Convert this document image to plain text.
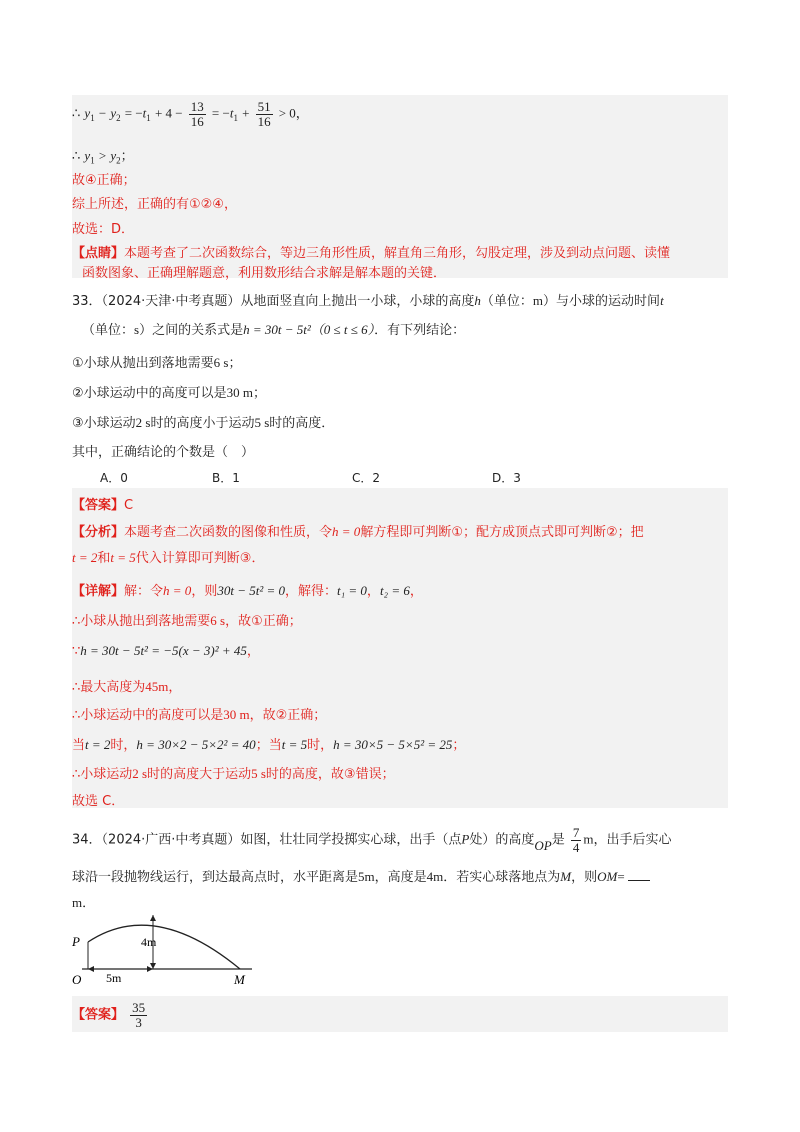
∴ $y_1 - y_2 = -t_1 + 4 - \frac{13}{16} = -t_1 + \frac{51}{16} > 0$，
∴ $y_1 > y_2$；
故④正确；
综上所述，正确的有①②④，
故选：D．
【点睛】本题考查了二次函数综合，等边三角形性质，解直角三角形，勾股定理，涉及到动点问题、读懂
函数图象、正确理解题意，利用数形结合求解是解本题的关键．
33．（2024·天津·中考真题）从地面竖直向上抛出一小球，小球的高度h（单位：m）与小球的运动时间t
（单位：s）之间的关系式是h = 30t − 5t²（0 ≤ t ≤ 6）．有下列结论：
①小球从抛出到落地需要6 s；
②小球运动中的高度可以是30 m；
③小球运动2 s时的高度小于运动5 s时的高度．
其中，正确结论的个数是（　）
A．0	B．1	C．2	D．3
【答案】C
【分析】本题考查二次函数的图像和性质，令h = 0解方程即可判断①；配方成顶点式即可判断②；把
t = 2和t = 5代入计算即可判断③．
【详解】解：令h = 0，则30t − 5t² = 0，解得：t₁ = 0，t₂ = 6，
∴小球从抛出到落地需要6 s，故①正确；
∵h = 30t − 5t² = −5(x − 3)² + 45，
∴最大高度为45m，
∴小球运动中的高度可以是30 m，故②正确；
当t = 2时，h = 30×2 − 5×2² = 40；当t = 5时，h = 30×5 − 5×5² = 25；
∴小球运动2 s时的高度大于运动5 s时的高度，故③错误；
故选 C．
34．（2024·广西·中考真题）如图，壮壮同学投掷实心球，出手（点P处）的高度OP是 $\frac{7}{4}$ m，出手后实心
球沿一段抛物线运行，到达最高点时，水平距离是5m，高度是4m．若实心球落地点为M，则OM=
m．
P
O	M
4m
5m
【答案】 $\frac{35}{3}$
